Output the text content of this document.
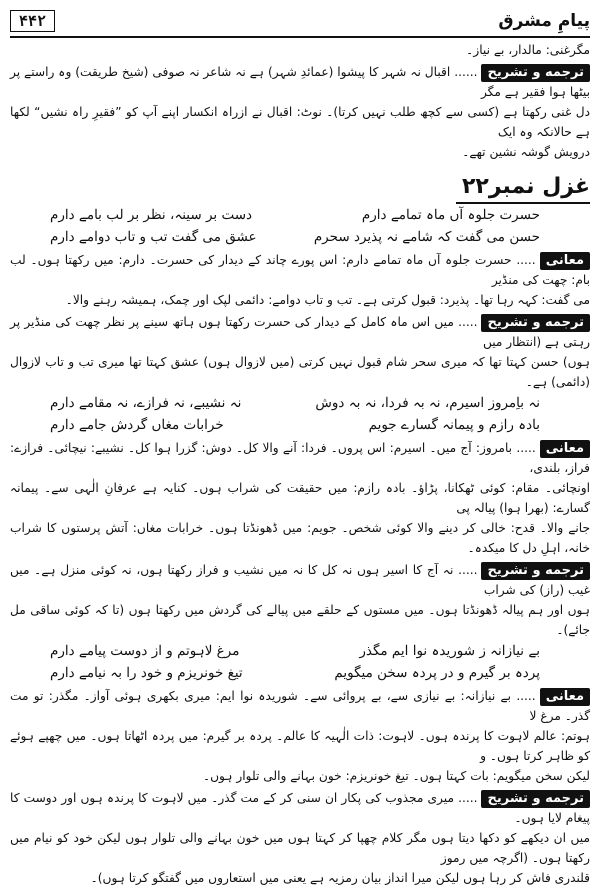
پیامِ مشرق
۴۴۲

مگرغنی: مالدار، بے نیاز۔

ترجمه و تشریح...... اقبال نہ شہر کا پیشوا (عمائدِ شہر) ہے نہ شاعر نہ صوفی (شیخ طریقت) وہ راستے پر بیٹھا ہوا فقیر ہے مگر

دل غنی رکھتا ہے (کسی سے کچھ طلب نہیں کرتا)۔ نوٹ: اقبال نے ازراہ انکسار اپنے آپ کو ”فقیرِ راہ نشیں“ لکھا ہے حالانکہ وہ ایک

درویش گوشہ نشین تھے۔

غزل نمبر۲۲
حسرت جلوہ آں ماہ تمامے دارم
دست بر سینہ، نظر بر لب بامے دارم
حسن می گفت کہ شامے نہ پذیرد سحرم
عشق می گفت تب و تاب دوامے دارم

معانی..... حسرت جلوہ آں ماہ تمامے دارم: اس پورے چاند کے دیدار کی حسرت۔ دارم: میں رکھتا ہوں۔ لب بام: چھت کی منڈیر

می گفت: کہہ رہا تھا۔ پذیرد: قبول کرتی ہے۔ تب و تاب دوامے: دائمی لپک اور چمک، ہمیشہ رہنے والا۔

ترجمه و تشریح..... میں اس ماہ کامل کے دیدار کی حسرت رکھتا ہوں ہاتھ سینے پر نظر چھت کی منڈیر پر رہتی ہے (انتظار میں

ہوں) حسن کہتا تھا کہ میری سحر شام قبول نہیں کرتی (میں لازوال ہوں) عشق کہتا تھا میری تب و تاب لازوال (دائمی) ہے۔

نہ باِمروز اسیرم، نہ بہ فردا، نہ بہ دوش
نہ نشیبے، نہ فرازے، نہ مقامے دارم
بادہ رازم و پیمانہ گسارے جویم
خرابات مغاں گردش جامے دارم

معانی..... بامروز: آج میں۔ اسیرم: اس پروں۔ فردا: آنے والا کل۔ دوش: گزرا ہوا کل۔ نشیبے: نیچائی۔ فرازے: فراز، بلندی،

اونچائی۔ مقام: کوئی ٹھکانا، پڑاؤ۔ بادہ رازم: میں حقیقت کی شراب ہوں۔ کنایہ ہے عرفانِ الٰہی سے۔ پیمانہ گسارے: (بھرا ہوا) پیالہ پی

جانے والا۔ قدح: خالی کر دینے والا کوئی شخص۔ جویم: میں ڈھونڈتا ہوں۔ خرابات مغاں: آتش پرستوں کا شراب خانہ، اہلِ دل کا میکدہ۔

ترجمه و تشریح..... نہ آج کا اسیر ہوں نہ کل کا نہ میں نشیب و فراز رکھتا ہوں، نہ کوئی منزل ہے۔ میں غیب (راز) کی شراب

ہوں اور ہم پیالہ ڈھونڈتا ہوں۔ میں مستوں کے حلقے میں پیالے کی گردش میں رکھتا ہوں (تا کہ کوئی ساقی مل جائے)۔

بے نیازانہ ز شوریدہ نوا ایم مگذر
مرغ لاہوتم و از دوست پیامے دارم
پردہ بر گیرم و در پردہ سخن میگویم
تیغ خونریزم و خود را بہ نیامے دارم

معانی..... بے نیازانہ: بے نیازی سے، بے پروائی سے۔ شوریدہ نوا ایم: میری بکھری ہوئی آواز۔ مگذر: تو مت گذر۔ مرغ لا

ہوتم: عالم لاہوت کا پرندہ ہوں۔ لاہوت: ذات الٰہیہ کا عالم۔ پردہ بر گیرم: میں پردہ اٹھاتا ہوں۔ میں چھپے ہوئے کو ظاہر کرتا ہوں۔ و

لیکن سخن میگویم: بات کہتا ہوں۔ تیغ خونریزم: خون بہانے والی تلوار ہوں۔

ترجمه و تشریح..... میری مجذوب کی پکار ان سنی کر کے مت گذر۔ میں لاہوت کا پرندہ ہوں اور دوست کا پیغام لایا ہوں۔

میں ان دیکھے کو دکھا دیتا ہوں مگر کلام چھپا کر کہتا ہوں میں خون بہانے والی تلوار ہوں لیکن خود کو نیام میں رکھتا ہوں۔ (اگرچہ میں رموز

قلندری فاش کر رہا ہوں لیکن میرا انداز بیان رمزیہ ہے یعنی میں استعاروں میں گفتگو کرتا ہوں)۔
